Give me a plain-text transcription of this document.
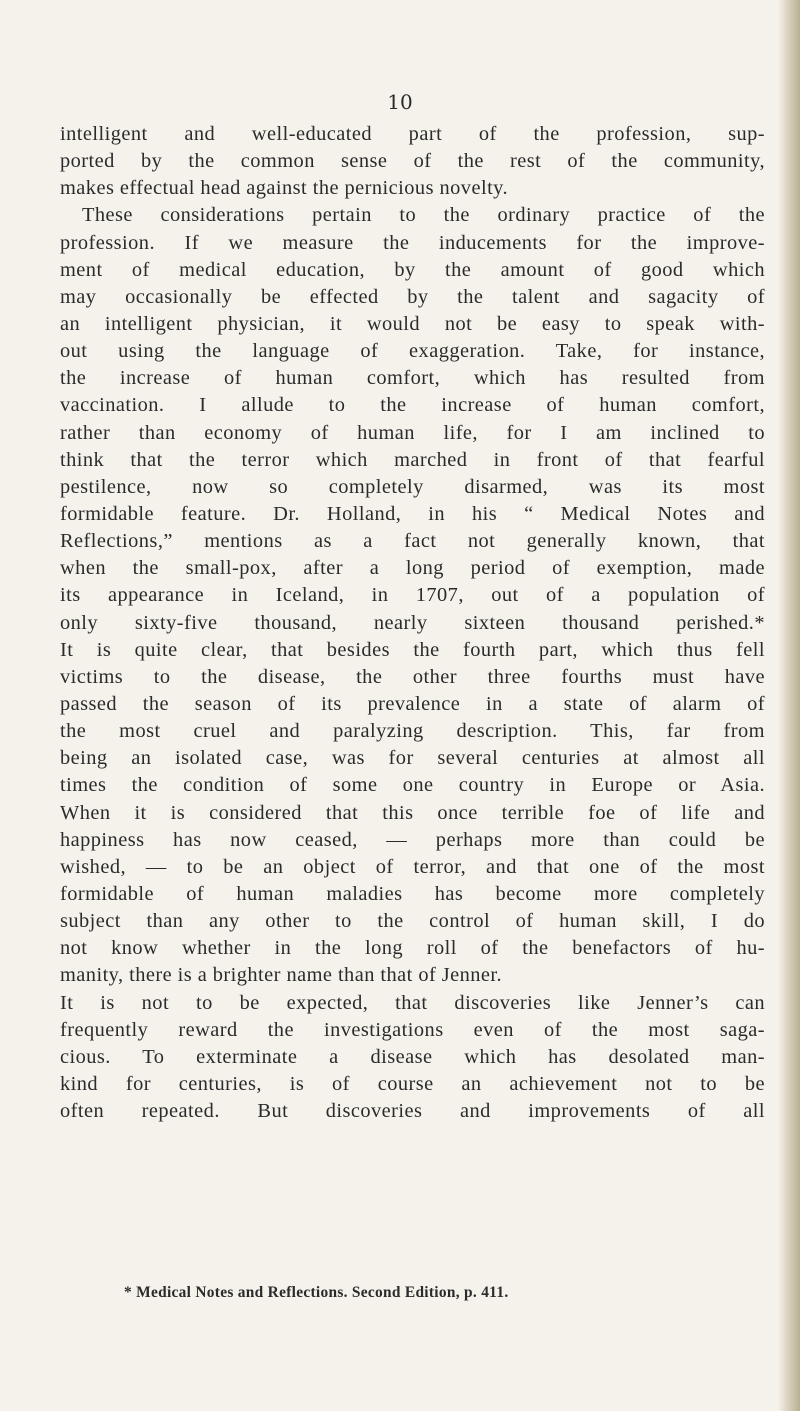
10
intelligent and well-educated part of the profession, sup-
ported by the common sense of the rest of the community,
makes effectual head against the pernicious novelty.
These considerations pertain to the ordinary practice of the
profession. If we measure the inducements for the improve-
ment of medical education, by the amount of good which
may occasionally be effected by the talent and sagacity of
an intelligent physician, it would not be easy to speak with-
out using the language of exaggeration. Take, for instance,
the increase of human comfort, which has resulted from
vaccination. I allude to the increase of human comfort,
rather than economy of human life, for I am inclined to
think that the terror which marched in front of that fearful
pestilence, now so completely disarmed, was its most
formidable feature. Dr. Holland, in his “ Medical Notes and
Reflections,” mentions as a fact not generally known, that
when the small-pox, after a long period of exemption, made
its appearance in Iceland, in 1707, out of a population of
only sixty-five thousand, nearly sixteen thousand perished.*
It is quite clear, that besides the fourth part, which thus fell
victims to the disease, the other three fourths must have
passed the season of its prevalence in a state of alarm of
the most cruel and paralyzing description. This, far from
being an isolated case, was for several centuries at almost all
times the condition of some one country in Europe or Asia.
When it is considered that this once terrible foe of life and
happiness has now ceased, — perhaps more than could be
wished, — to be an object of terror, and that one of the most
formidable of human maladies has become more completely
subject than any other to the control of human skill, I do
not know whether in the long roll of the benefactors of hu-
manity, there is a brighter name than that of Jenner.
It is not to be expected, that discoveries like Jenner’s can
frequently reward the investigations even of the most saga-
cious. To exterminate a disease which has desolated man-
kind for centuries, is of course an achievement not to be
often repeated. But discoveries and improvements of all
* Medical Notes and Reflections. Second Edition, p. 411.
